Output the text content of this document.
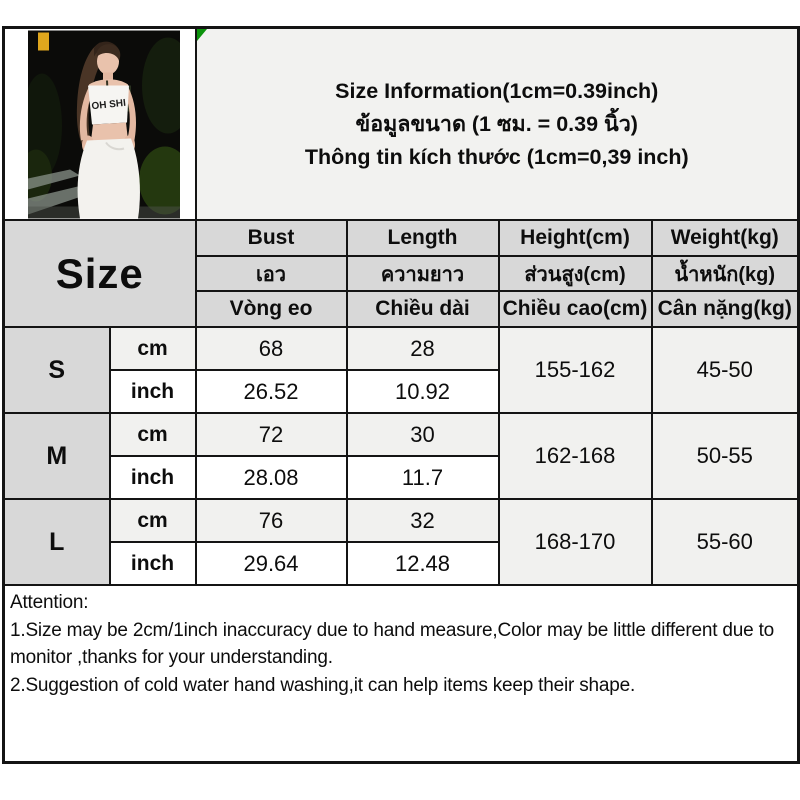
OH SHI		Size Information(1cm=0.39inch)
ข้อมูลขนาด (1 ซม. = 0.39 นิ้ว)
Thông tin kích thước (1cm=0,39 inch)			

Size		Bust	Length	Height(cm)	Weight(kg)
		เอว	ความยาว	ส่วนสูง(cm)	น้ำหนัก(kg)
		Vòng eo	Chiều dài	Chiều cao(cm)	Cân nặng(kg)
S	cm	68	28	155-162	45-50
	inch	26.52	10.92		
M	cm	72	30	162-168	50-55
	inch	28.08	11.7		
L	cm	76	32	168-170	55-60
	inch	29.64	12.48		

Attention:
1.Size may be 2cm/1inch inaccuracy due to hand measure,Color may be little different due to monitor ,thanks for your understanding.
2.Suggestion of cold water hand washing,it can help items keep their shape.					
